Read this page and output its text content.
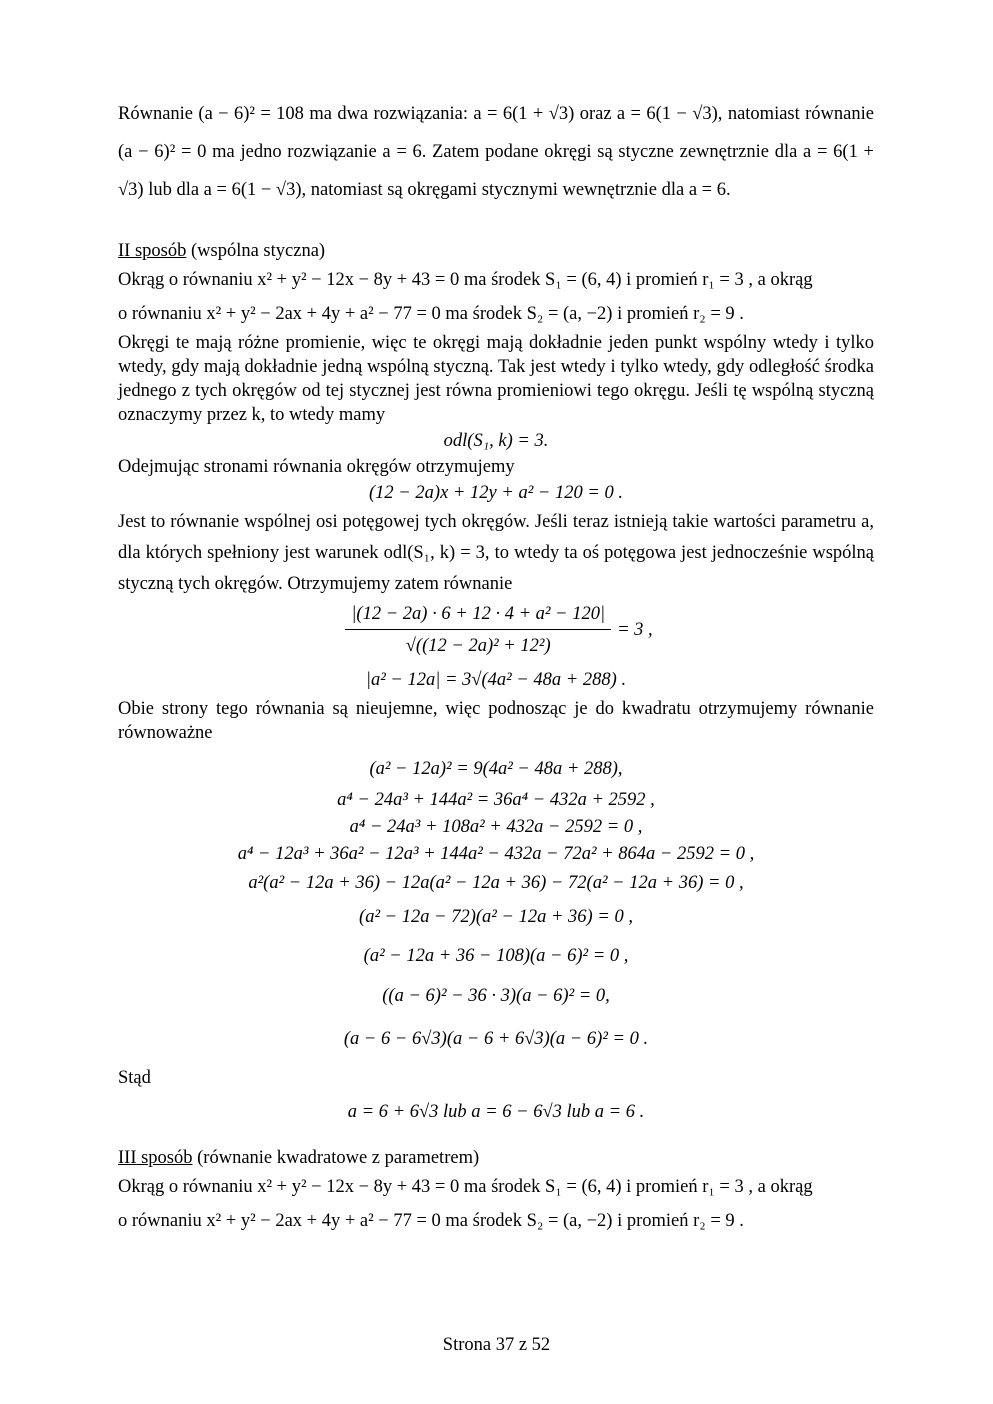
Równanie (a − 6)² = 108 ma dwa rozwiązania: a = 6(1 + √3) oraz a = 6(1 − √3), natomiast równanie (a − 6)² = 0 ma jedno rozwiązanie a = 6. Zatem podane okręgi są styczne zewnętrznie dla a = 6(1 + √3) lub dla a = 6(1 − √3), natomiast są okręgami stycznymi wewnętrznie dla a = 6.

II sposób (wspólna styczna)

Okrąg o równaniu x² + y² − 12x − 8y + 43 = 0 ma środek S₁ = (6, 4) i promień r₁ = 3 , a okrąg

o równaniu x² + y² − 2ax + 4y + a² − 77 = 0 ma środek S₂ = (a, −2) i promień r₂ = 9 .

Okręgi te mają różne promienie, więc te okręgi mają dokładnie jeden punkt wspólny wtedy i tylko wtedy, gdy mają dokładnie jedną wspólną styczną. Tak jest wtedy i tylko wtedy, gdy odległość środka jednego z tych okręgów od tej stycznej jest równa promieniowi tego okręgu. Jeśli tę wspólną styczną oznaczymy przez k, to wtedy mamy

odl(S₁, k) = 3.

Odejmując stronami równania okręgów otrzymujemy

(12 − 2a)x + 12y + a² − 120 = 0 .

Jest to równanie wspólnej osi potęgowej tych okręgów. Jeśli teraz istnieją takie wartości parametru a, dla których spełniony jest warunek odl(S₁, k) = 3, to wtedy ta oś potęgowa jest jednocześnie wspólną styczną tych okręgów. Otrzymujemy zatem równanie

$\frac{\text{|(12 − 2a) · 6 + 12 · 4 + a² − 120|}}{\text{√((12 − 2a)² + 12²)}} = 3$ ,
|a² − 12a| = 3√(4a² − 48a + 288) .

Obie strony tego równania są nieujemne, więc podnosząc je do kwadratu otrzymujemy równanie równoważne

(a² − 12a)² = 9(4a² − 48a + 288),
a⁴ − 24a³ + 144a² = 36a⁴ − 432a + 2592 ,
a⁴ − 24a³ + 108a² + 432a − 2592 = 0 ,
a⁴ − 12a³ + 36a² − 12a³ + 144a² − 432a − 72a² + 864a − 2592 = 0 ,
a²(a² − 12a + 36) − 12a(a² − 12a + 36) − 72(a² − 12a + 36) = 0 ,
(a² − 12a − 72)(a² − 12a + 36) = 0 ,
(a² − 12a + 36 − 108)(a − 6)² = 0 ,
((a − 6)² − 36 · 3)(a − 6)² = 0,
(a − 6 − 6√3)(a − 6 + 6√3)(a − 6)² = 0 .

Stąd

a = 6 + 6√3 lub a = 6 − 6√3 lub a = 6 .

III sposób (równanie kwadratowe z parametrem)

Okrąg o równaniu x² + y² − 12x − 8y + 43 = 0 ma środek S₁ = (6, 4) i promień r₁ = 3 , a okrąg

o równaniu x² + y² − 2ax + 4y + a² − 77 = 0 ma środek S₂ = (a, −2) i promień r₂ = 9 .

Strona 37 z 52
